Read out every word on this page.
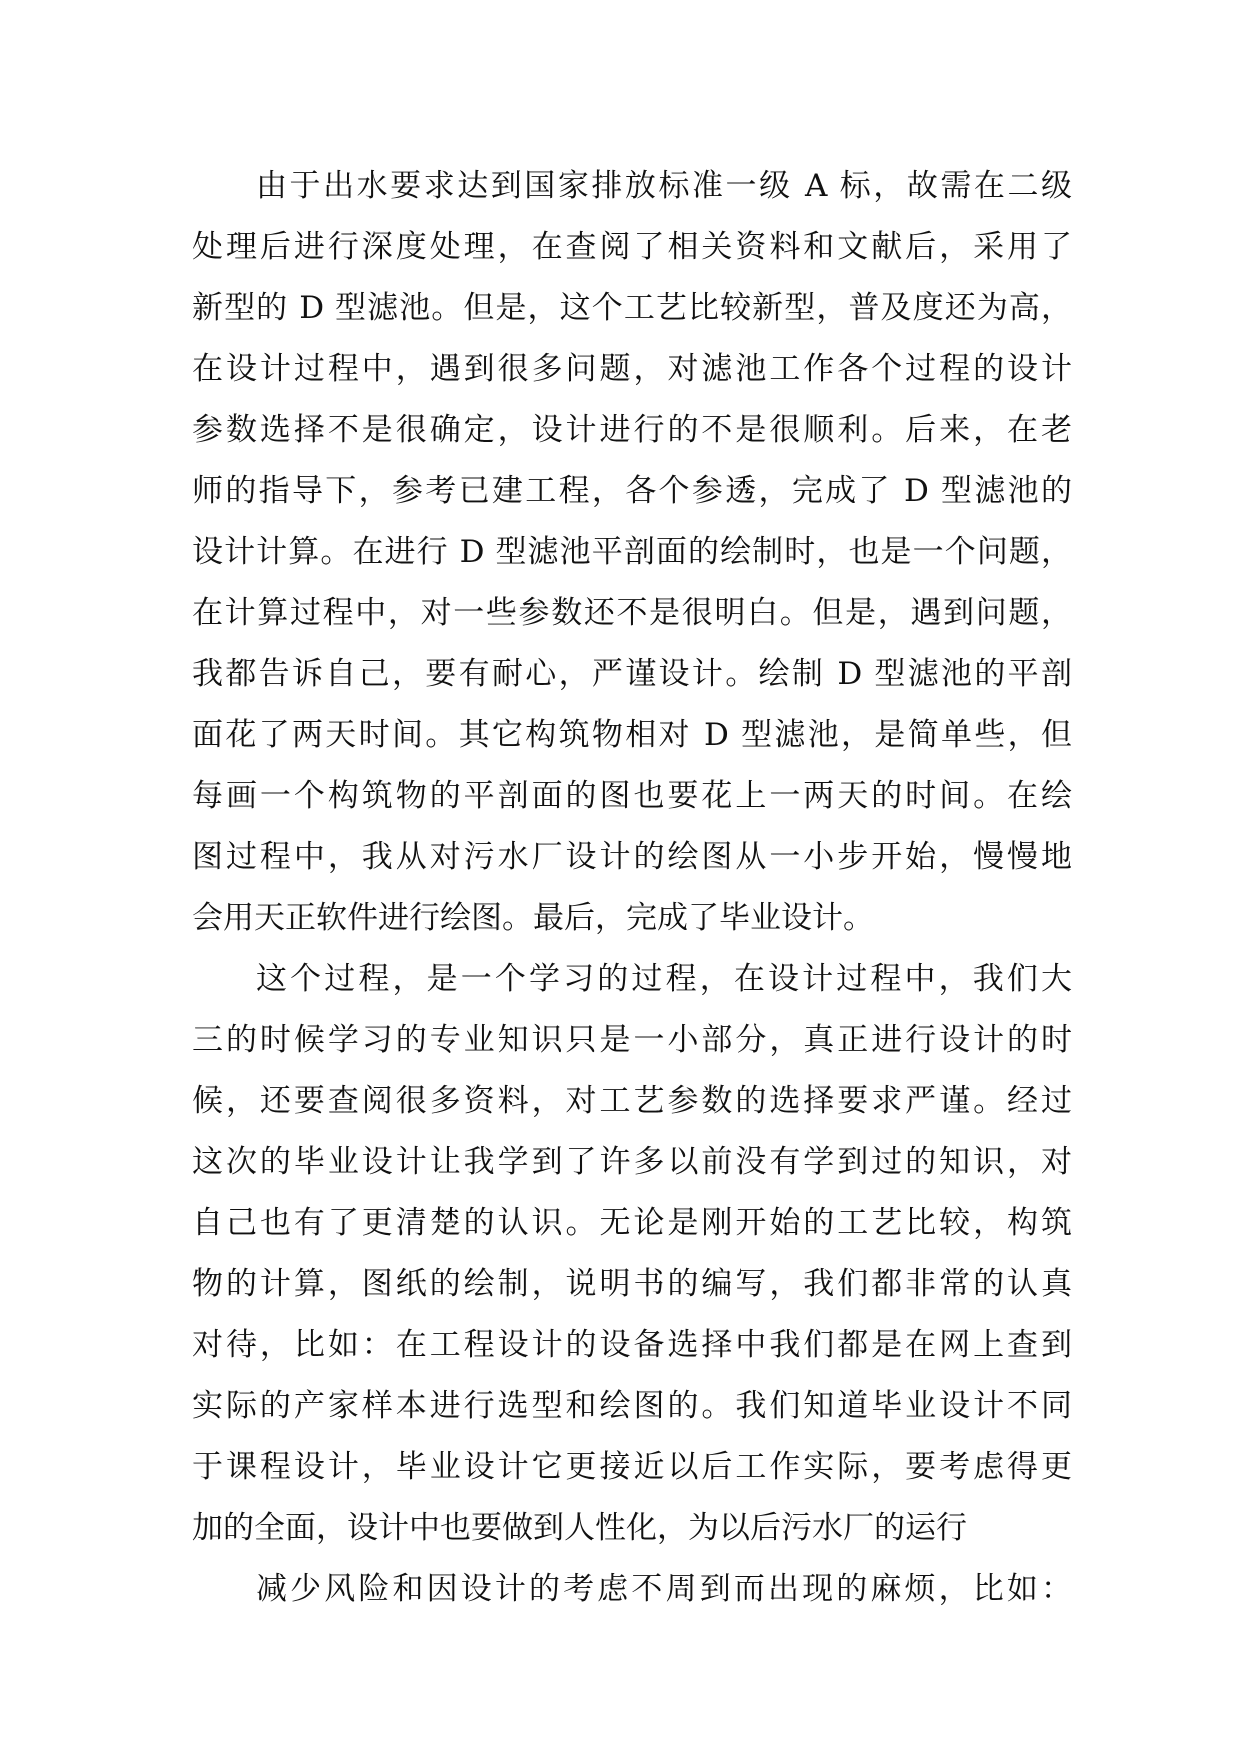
由于出水要求达到国家排放标准一级 A 标，故需在二级

处理后进行深度处理，在查阅了相关资料和文献后，采用了

新型的 D 型滤池。但是，这个工艺比较新型，普及度还为高，

在设计过程中，遇到很多问题，对滤池工作各个过程的设计

参数选择不是很确定，设计进行的不是很顺利。后来，在老

师的指导下，参考已建工程，各个参透，完成了 D 型滤池的

设计计算。在进行 D 型滤池平剖面的绘制时，也是一个问题，

在计算过程中，对一些参数还不是很明白。但是，遇到问题，

我都告诉自己，要有耐心，严谨设计。绘制 D 型滤池的平剖

面花了两天时间。其它构筑物相对 D 型滤池，是简单些，但

每画一个构筑物的平剖面的图也要花上一两天的时间。在绘

图过程中，我从对污水厂设计的绘图从一小步开始，慢慢地

会用天正软件进行绘图。最后，完成了毕业设计。

这个过程，是一个学习的过程，在设计过程中，我们大

三的时候学习的专业知识只是一小部分，真正进行设计的时

候，还要查阅很多资料，对工艺参数的选择要求严谨。经过

这次的毕业设计让我学到了许多以前没有学到过的知识，对

自己也有了更清楚的认识。无论是刚开始的工艺比较，构筑

物的计算，图纸的绘制，说明书的编写，我们都非常的认真

对待，比如：在工程设计的设备选择中我们都是在网上查到

实际的产家样本进行选型和绘图的。我们知道毕业设计不同

于课程设计，毕业设计它更接近以后工作实际，要考虑得更

加的全面，设计中也要做到人性化，为以后污水厂的运行

减少风险和因设计的考虑不周到而出现的麻烦，比如：
